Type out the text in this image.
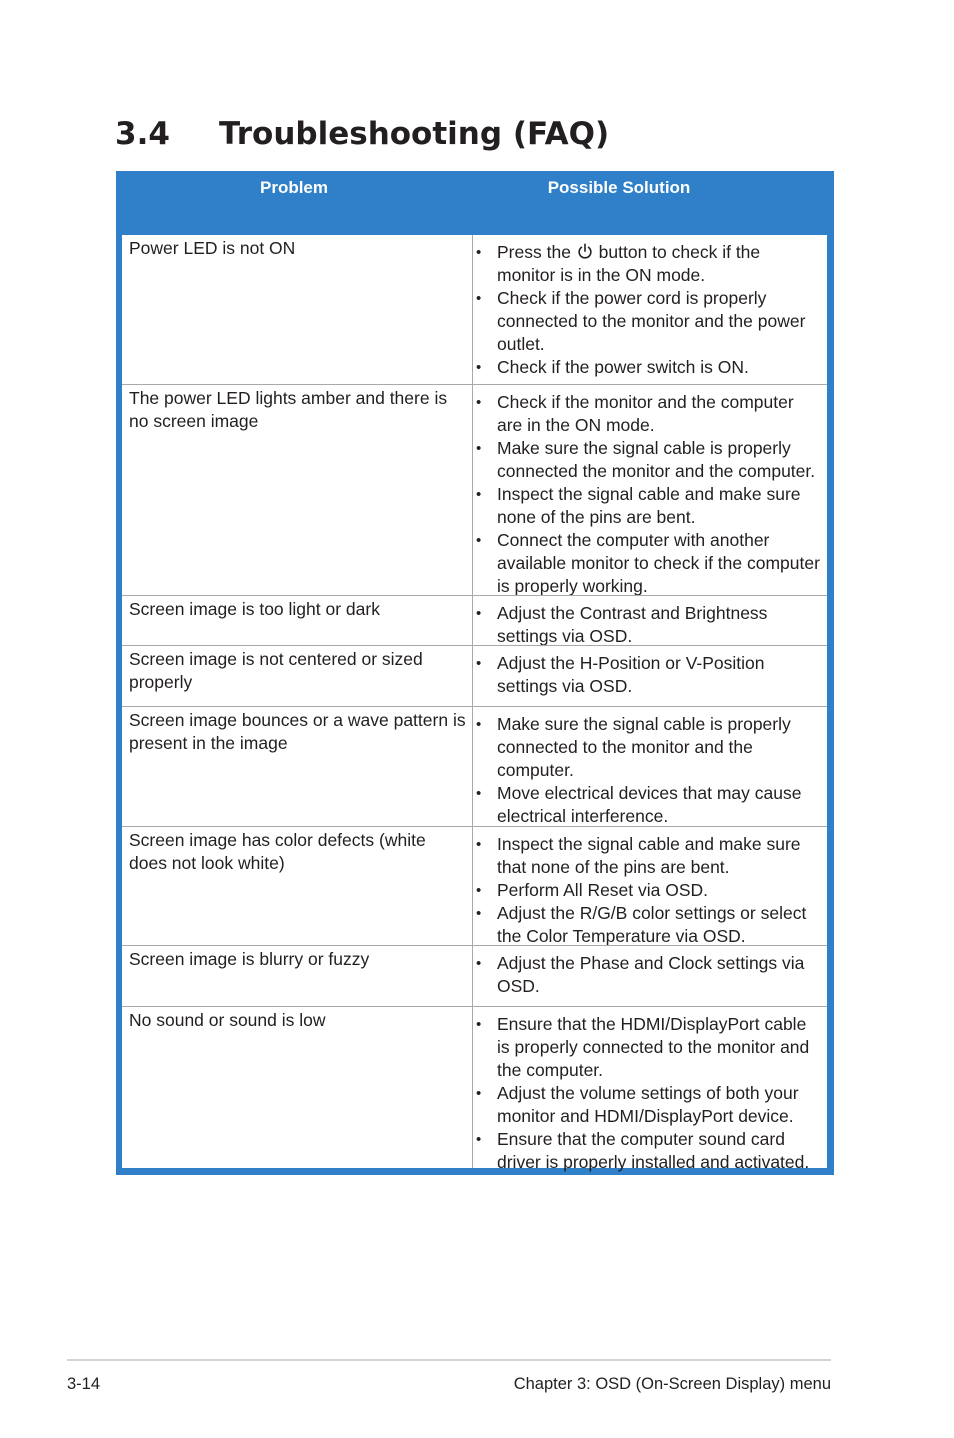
3.4 Troubleshooting (FAQ)
Problem	Possible Solution
Power LED is not ON	• Press the  button to check if the monitor is in the ON mode.
• Check if the power cord is properly connected to the monitor and the power outlet.
• Check if the power switch is ON.
The power LED lights amber and there is no screen image
• Check if the monitor and the computer are in the ON mode.
• Make sure the signal cable is properly connected the monitor and the computer.
• Inspect the signal cable and make sure none of the pins are bent.
• Connect the computer with another available monitor to check if the computer is properly working.
Screen image is too light or dark	• Adjust the Contrast and Brightness settings via OSD.
Screen image is not centered or sized properly
• Adjust the H-Position or V-Position settings via OSD.
Screen image bounces or a wave pattern is present in the image
• Make sure the signal cable is properly connected to the monitor and the computer.
• Move electrical devices that may cause electrical interference.
Screen image has color defects (white does not look white)
• Inspect the signal cable and make sure that none of the pins are bent.
• Perform All Reset via OSD.
• Adjust the R/G/B color settings or select the Color Temperature via OSD.
Screen image is blurry or fuzzy	• Adjust the Phase and Clock settings via OSD.
No sound or sound is low	• Ensure that the HDMI/DisplayPort cable is properly connected to the monitor and the computer.
• Adjust the volume settings of both your monitor and HDMI/DisplayPort device.
• Ensure that the computer sound card driver is properly installed and activated.
3-14	Chapter 3: OSD (On-Screen Display) menu
